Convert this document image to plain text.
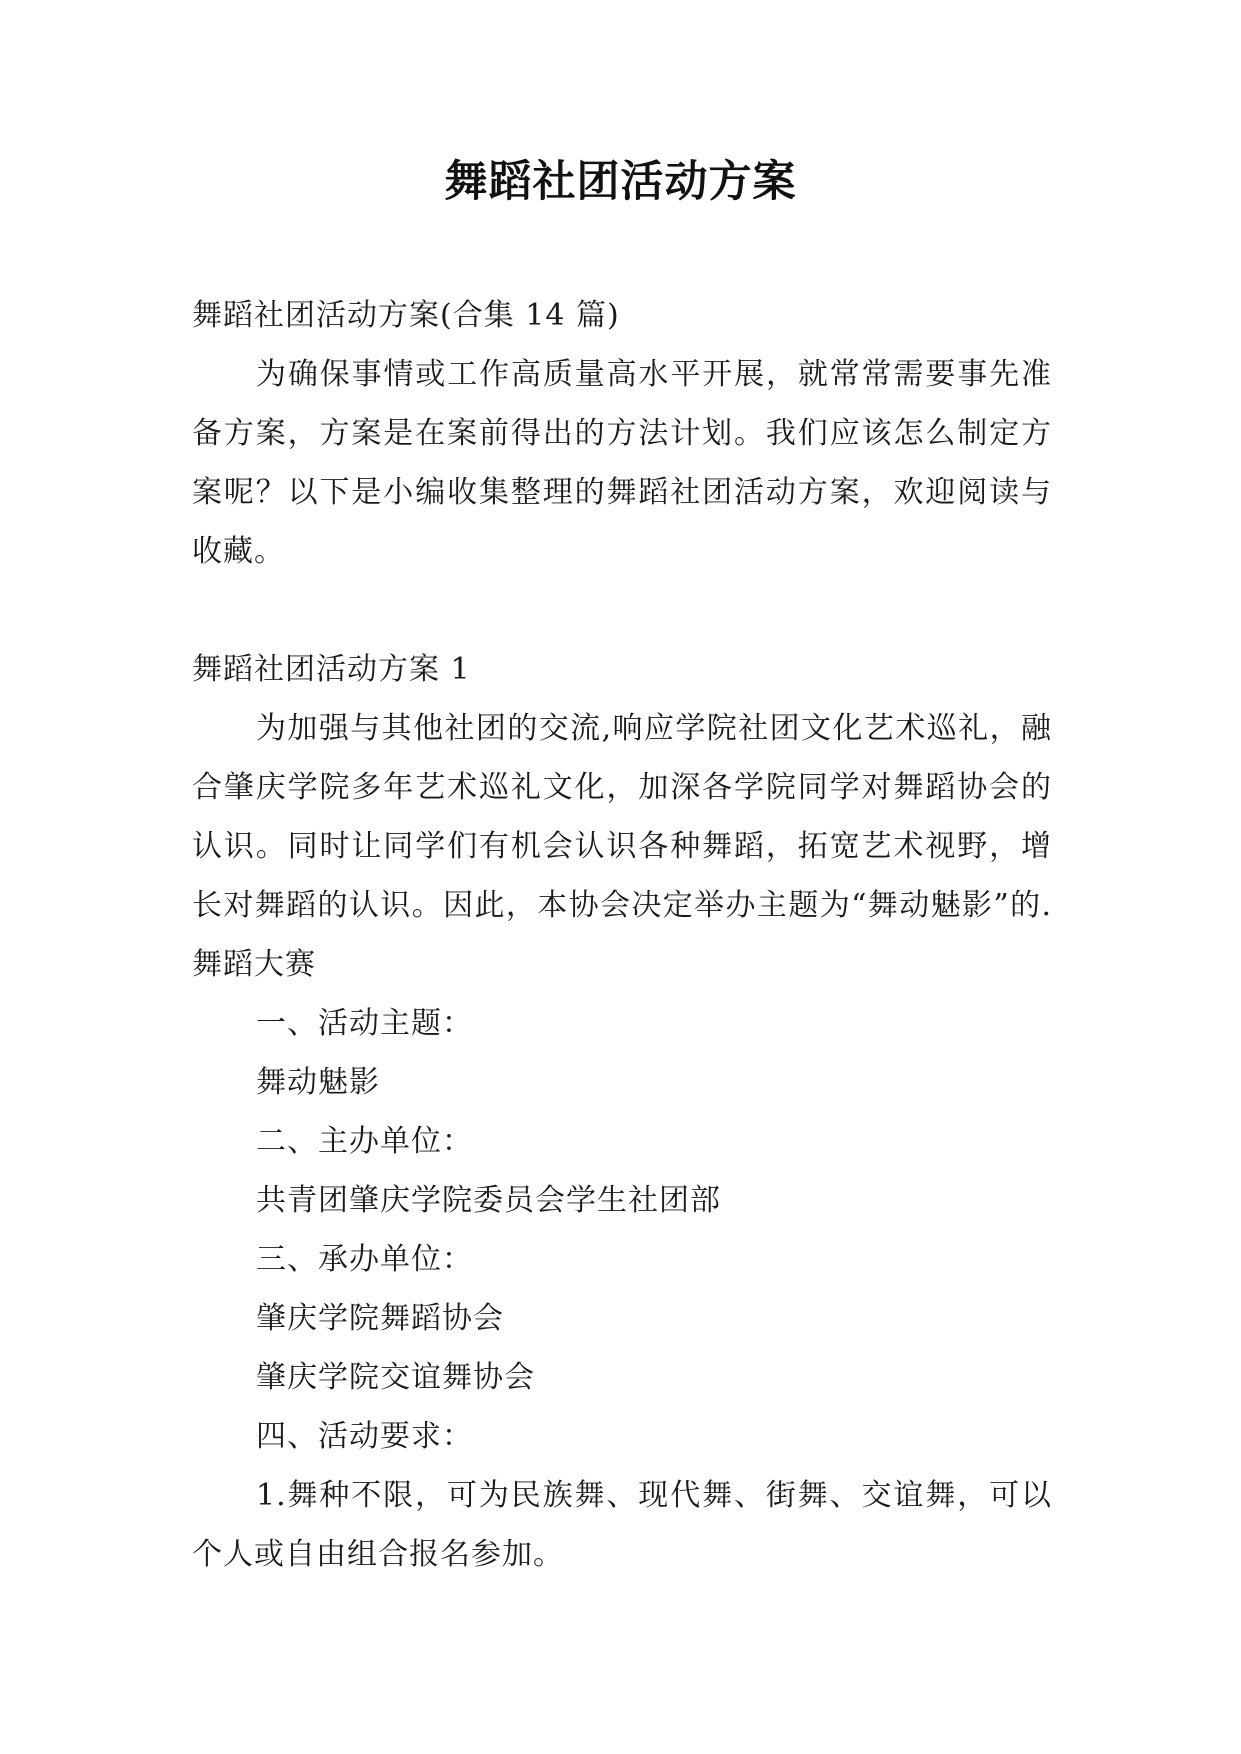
舞蹈社团活动方案

舞蹈社团活动方案(合集 14 篇)

为确保事情或工作高质量高水平开展，就常常需要事先准备方案，方案是在案前得出的方法计划。我们应该怎么制定方案呢？以下是小编收集整理的舞蹈社团活动方案，欢迎阅读与收藏。

舞蹈社团活动方案 1

为加强与其他社团的交流,响应学院社团文化艺术巡礼，融合肇庆学院多年艺术巡礼文化，加深各学院同学对舞蹈协会的认识。同时让同学们有机会认识各种舞蹈，拓宽艺术视野，增长对舞蹈的认识。因此，本协会决定举办主题为“舞动魅影”的.舞蹈大赛

一、活动主题：

舞动魅影

二、主办单位：

共青团肇庆学院委员会学生社团部

三、承办单位：

肇庆学院舞蹈协会

肇庆学院交谊舞协会

四、活动要求：

1.舞种不限，可为民族舞、现代舞、街舞、交谊舞，可以个人或自由组合报名参加。
